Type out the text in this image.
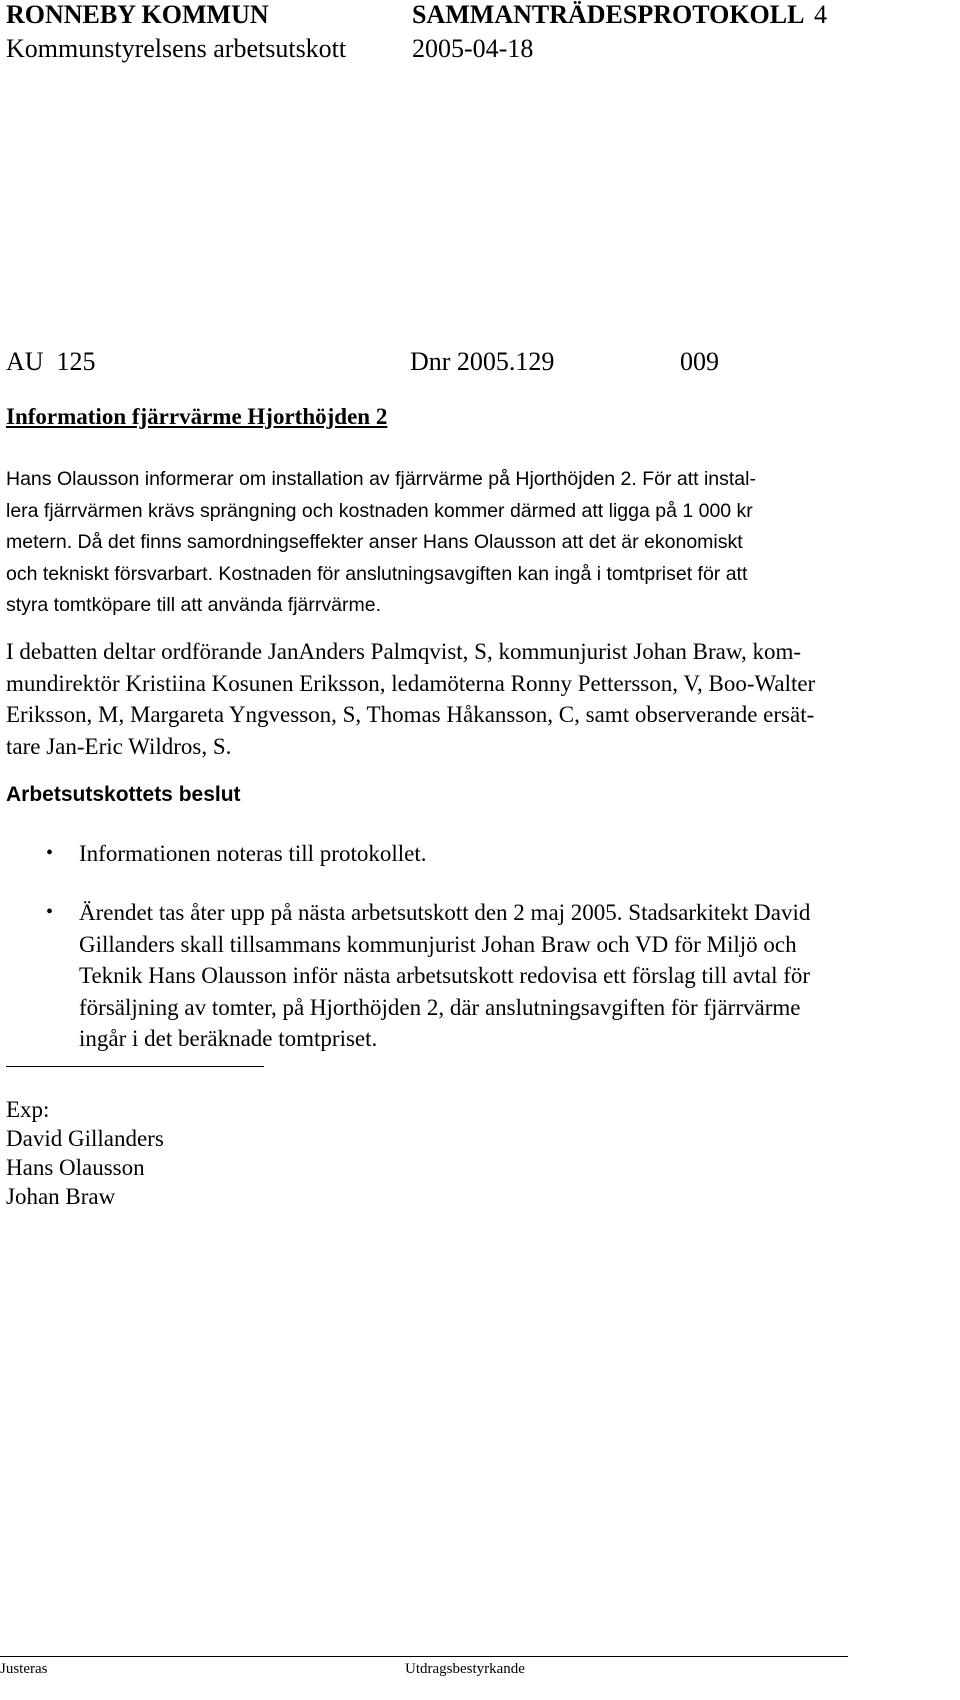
RONNEBY KOMMUN	SAMMANTRÄDESPROTOKOLL 4
Kommunstyrelsens arbetsutskott	2005-04-18
AU  125	Dnr 2005.129	009
Information fjärrvärme Hjorthöjden 2
Hans Olausson informerar om installation av fjärrvärme på Hjorthöjden 2. För att instal-
lera fjärrvärmen krävs sprängning och kostnaden kommer därmed att ligga på 1 000 kr
metern. Då det finns samordningseffekter anser Hans Olausson att det är ekonomiskt
och tekniskt försvarbart. Kostnaden för anslutningsavgiften kan ingå i tomtpriset för att
styra tomtköpare till att använda fjärrvärme.
I debatten deltar ordförande JanAnders Palmqvist, S, kommunjurist Johan Braw, kom-
mundirektör Kristiina Kosunen Eriksson, ledamöterna Ronny Pettersson, V, Boo-Walter
Eriksson, M, Margareta Yngvesson, S, Thomas Håkansson, C, samt observerande ersät-
tare Jan-Eric Wildros, S.
Arbetsutskottets beslut
• Informationen noteras till protokollet.
• Ärendet tas åter upp på nästa arbetsutskott den 2 maj 2005. Stadsarkitekt David
Gillanders skall tillsammans kommunjurist Johan Braw och VD för Miljö och
Teknik Hans Olausson inför nästa arbetsutskott redovisa ett förslag till avtal för
försäljning av tomter, på Hjorthöjden 2, där anslutningsavgiften för fjärrvärme
ingår i det beräknade tomtpriset.
Exp:
David Gillanders
Hans Olausson
Johan Braw
Justeras	Utdragsbestyrkande
